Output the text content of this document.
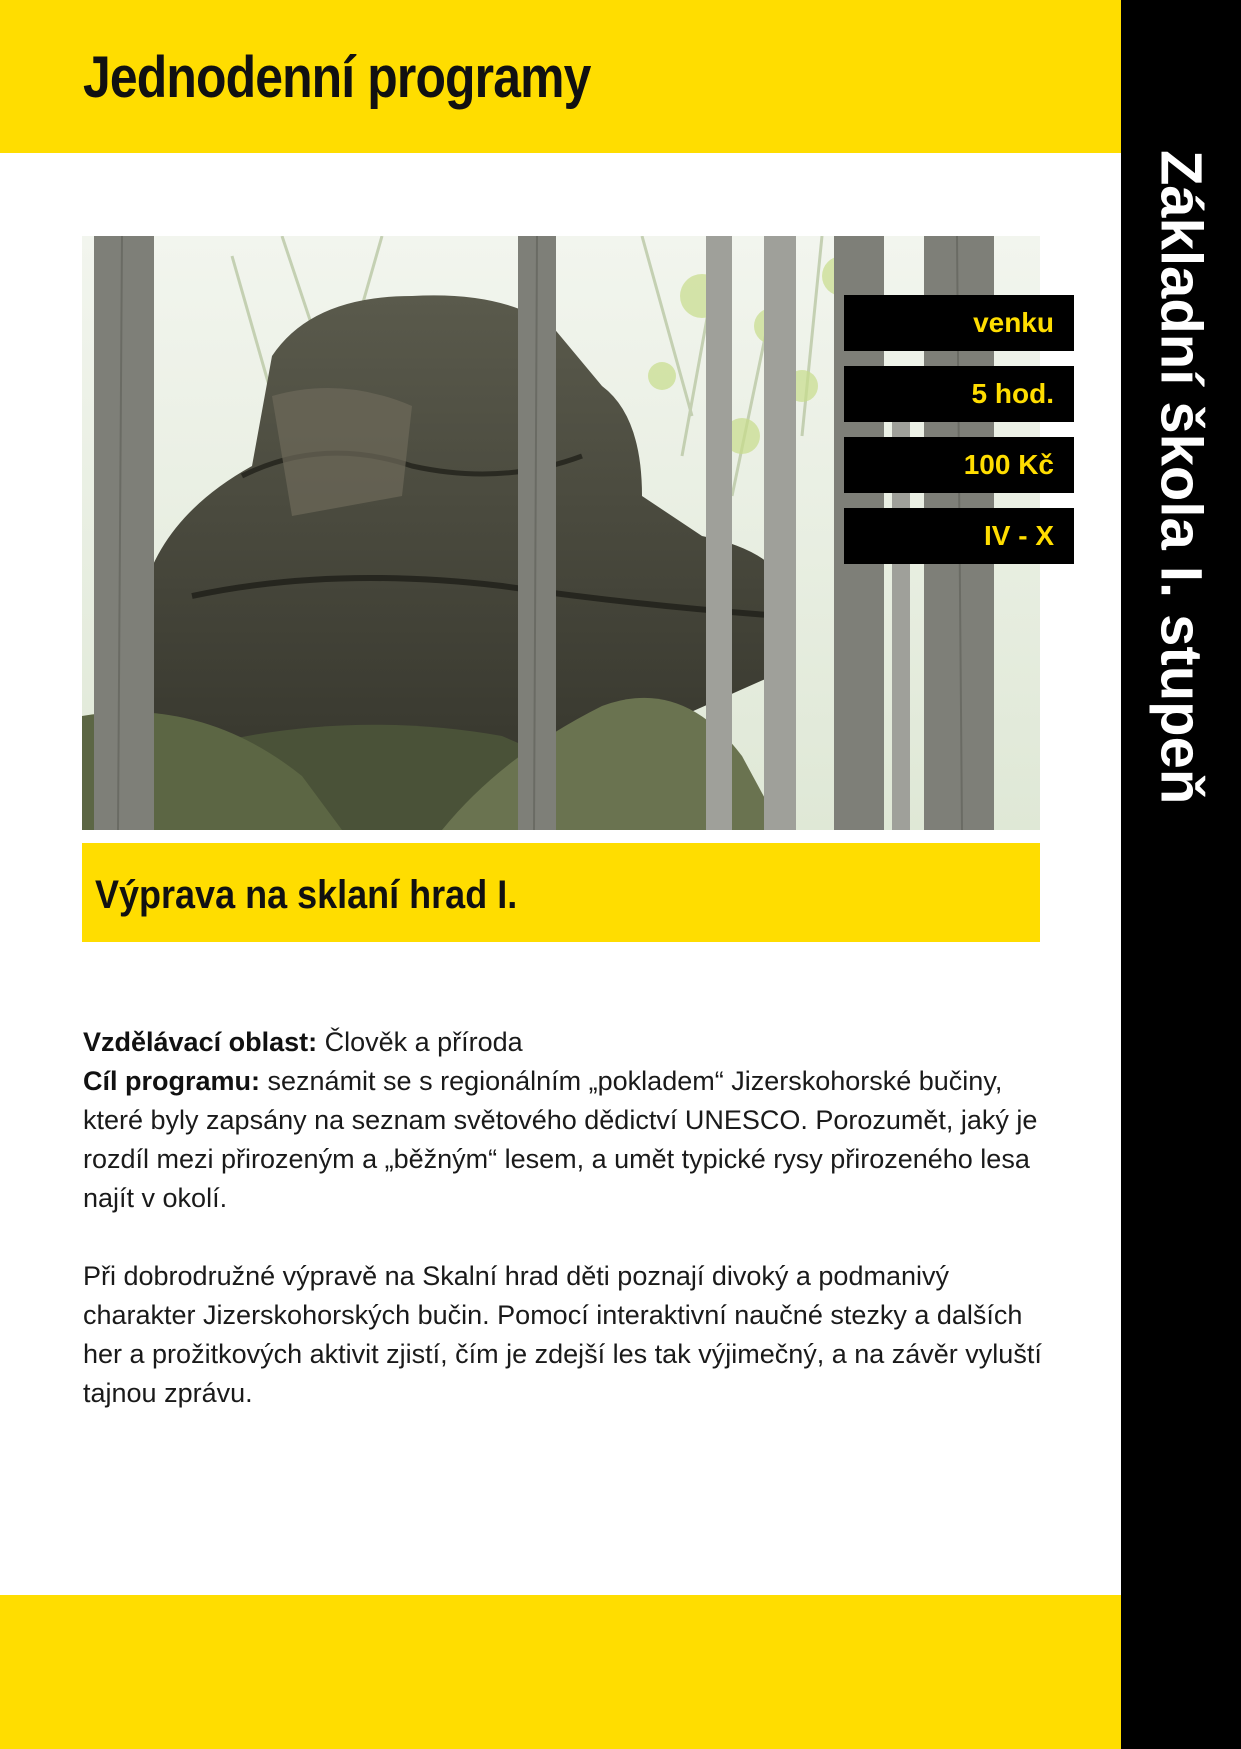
Jednodenní programy
Základní škola I. stupeň
venku
5 hod.
100 Kč
IV - X
Výprava na sklaní hrad I.

Vzdělávací oblast: Člověk a příroda

Cíl programu: seznámit se s regionálním „pokladem“ Jizerskohorské bučiny, které byly zapsány na seznam světového dědictví UNESCO. Porozumět, jaký je rozdíl mezi přirozeným a „běžným“ lesem, a umět typické rysy přirozeného lesa najít v okolí.

Při dobrodružné výpravě na Skalní hrad děti poznají divoký a podmanivý charakter Jizerskohorských bučin. Pomocí interaktivní naučné stezky a dalších her a prožitkových aktivit zjistí, čím je zdejší les tak výjimečný, a na závěr vyluští tajnou zprávu.
